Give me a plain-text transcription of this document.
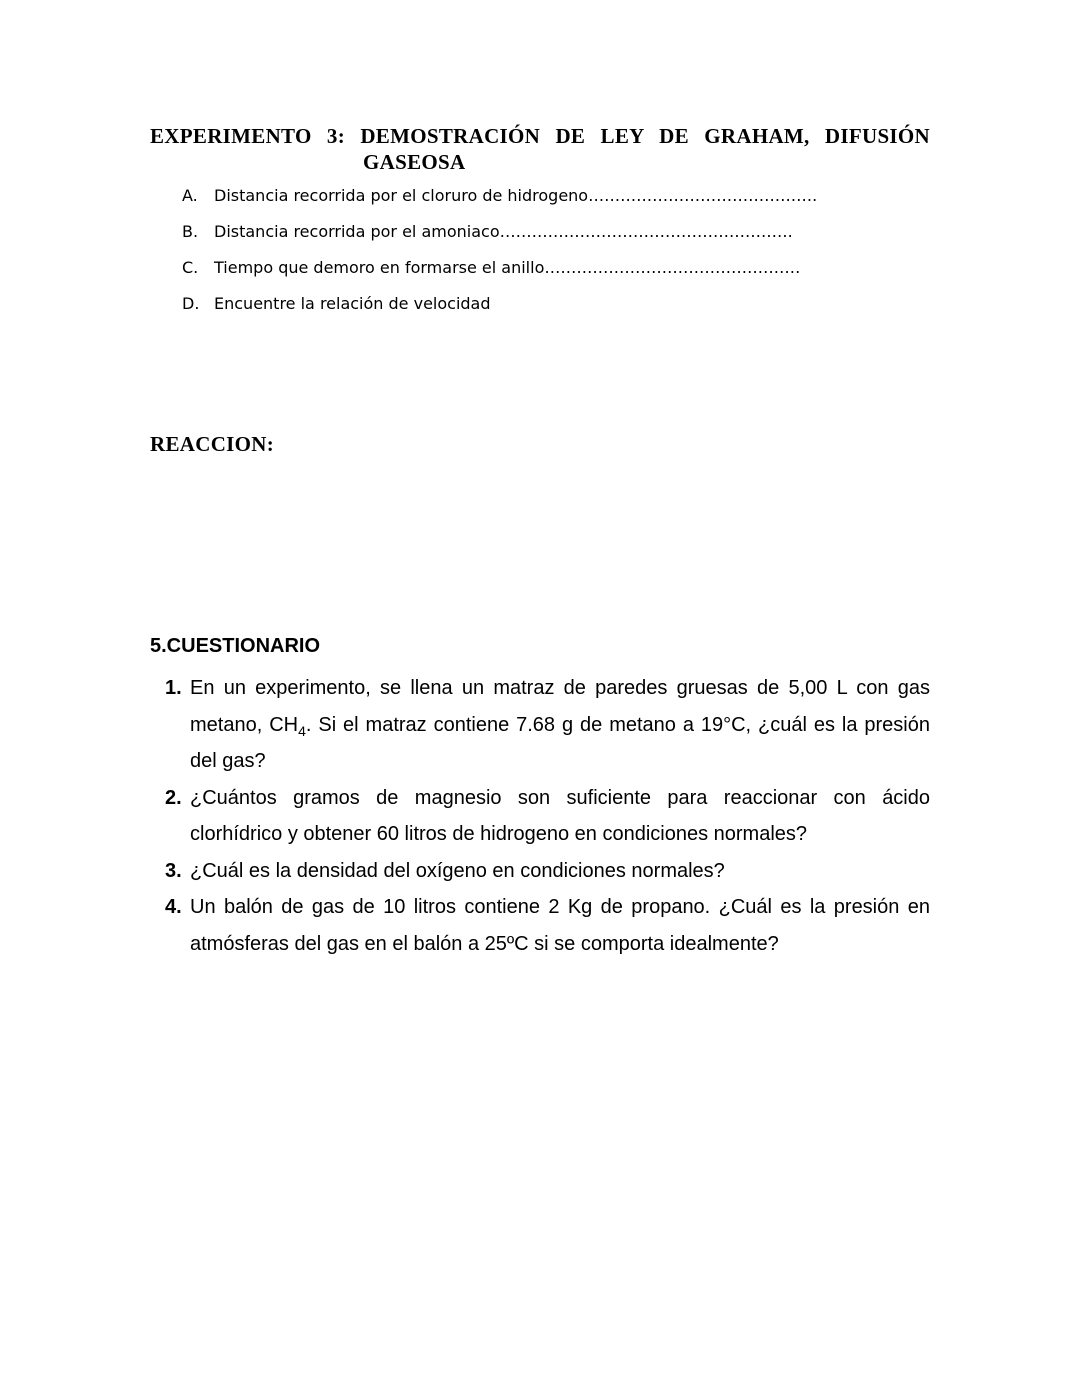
EXPERIMENTO 3: DEMOSTRACIÓN DE LEY DE GRAHAM, DIFUSIÓN
GASEOSA
A. Distancia recorrida por el cloruro de hidrogeno…………………………………….
B. Distancia recorrida por el amoniaco……………………………………………….
C. Tiempo que demoro en formarse el anillo…………………………………………
D. Encuentre la relación de velocidad
REACCION:
5.CUESTIONARIO
1. En un experimento, se llena un matraz de paredes gruesas de 5,00 L con gas metano, $CH_4$. Si el matraz contiene 7.68 g de metano a 19°C, ¿cuál es la presión del gas?
2. ¿Cuántos gramos de magnesio son suficiente para reaccionar con ácido clorhídrico y obtener 60 litros de hidrogeno en condiciones normales?
3. ¿Cuál es la densidad del oxígeno en condiciones normales?
4. Un balón de gas de 10 litros contiene 2 Kg de propano. ¿Cuál es la presión en atmósferas del gas en el balón a 25ºC si se comporta idealmente?
